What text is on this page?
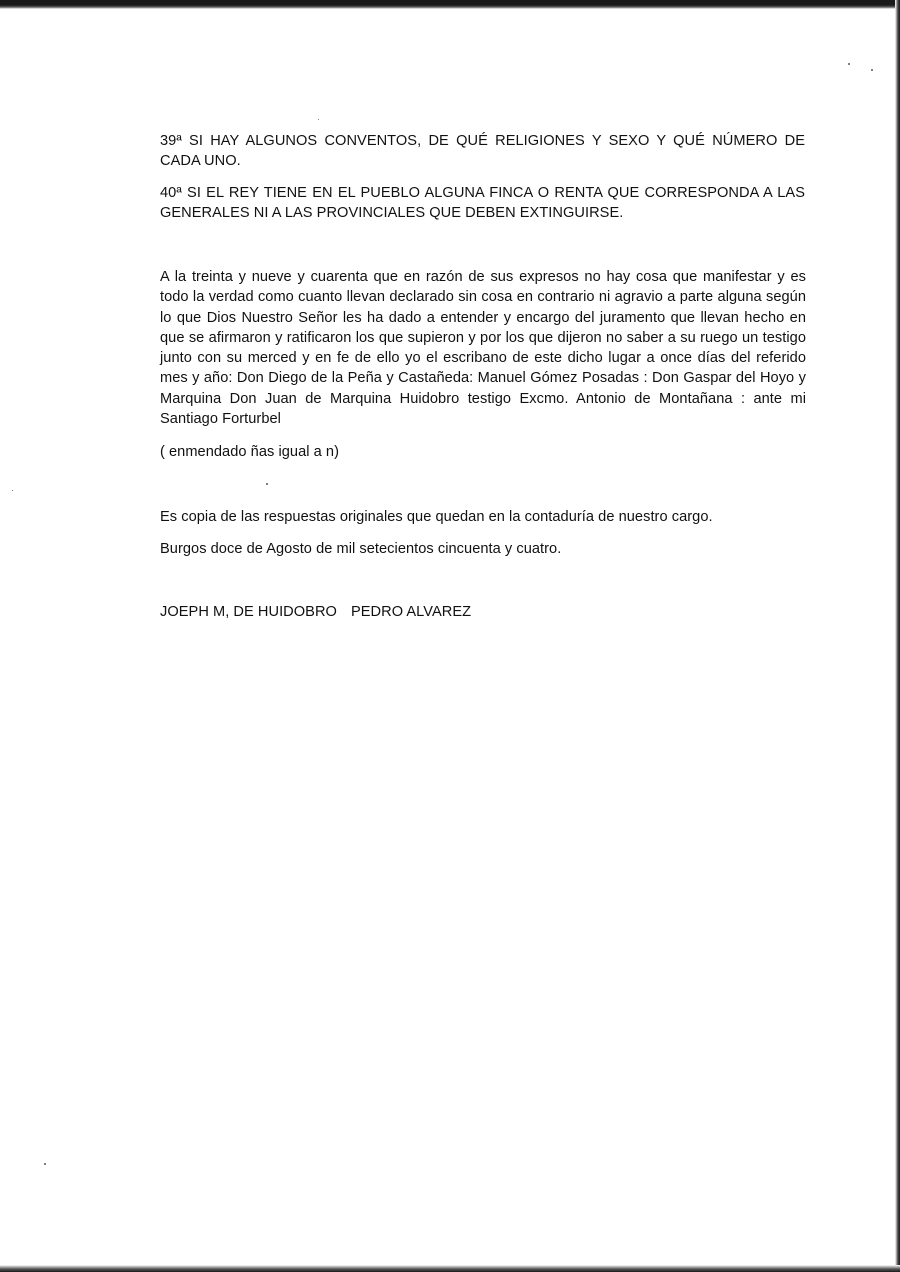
39ª SI HAY ALGUNOS CONVENTOS, DE QUÉ RELIGIONES Y SEXO Y QUÉ NÚMERO DE CADA UNO.
40ª SI EL REY TIENE EN EL PUEBLO ALGUNA FINCA O RENTA QUE CORRESPONDA A LAS GENERALES NI A LAS PROVINCIALES QUE DEBEN EXTINGUIRSE.
A la treinta y nueve y cuarenta que en razón de sus expresos no hay cosa que manifestar y es todo la verdad como cuanto llevan declarado sin cosa en contrario ni agravio a parte alguna según lo que Dios Nuestro Señor les ha dado a entender y encargo del juramento que llevan hecho en que se afirmaron y ratificaron los que supieron y por los que dijeron no saber a su ruego un testigo junto con su merced y en fe de ello yo el escribano de este dicho lugar a once días del referido mes y año: Don Diego de la Peña y Castañeda: Manuel Gómez Posadas : Don Gaspar del Hoyo y Marquina Don Juan de Marquina Huidobro testigo Excmo. Antonio de Montañana : ante mi Santiago Forturbel
( enmendado ñas igual a n)
Es copia de las respuestas originales que quedan en la contaduría de nuestro cargo.
Burgos doce de Agosto de mil setecientos cincuenta y cuatro.
JOEPH M, DE HUIDOBRO PEDRO ALVAREZ
